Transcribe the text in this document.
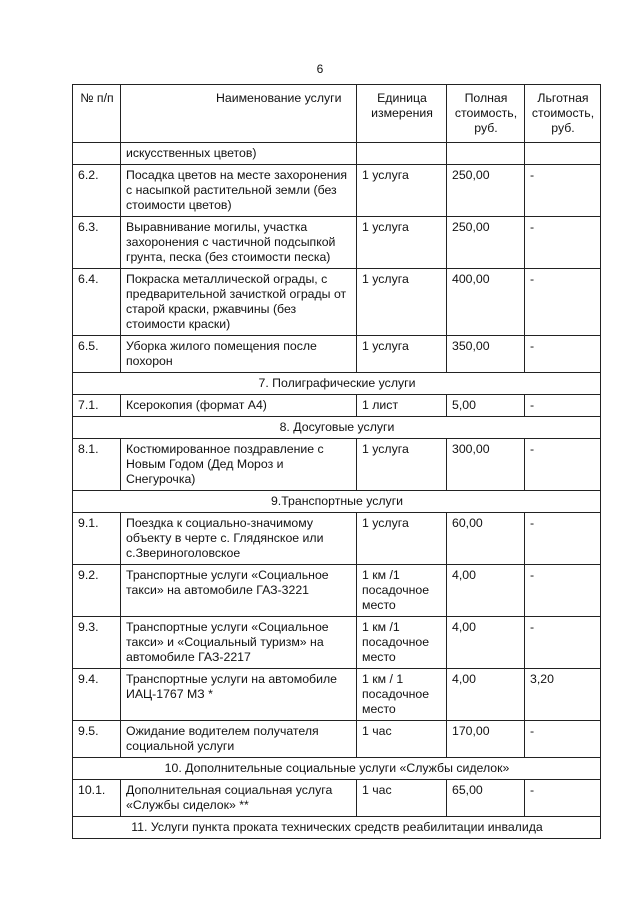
6
№ п/п	Наименование услуги	Единица измерения	Полная стоимость, руб.	Льготная стоимость, руб.
	искусственных цветов)			
6.2.	Посадка цветов на месте захоронения с насыпкой растительной земли (без стоимости цветов)	1 услуга	250,00	-
6.3.	Выравнивание могилы, участка захоронения с частичной подсыпкой грунта, песка (без стоимости песка)	1 услуга	250,00	-
6.4.	Покраска металлической ограды, с предварительной зачисткой ограды от старой краски, ржавчины (без стоимости краски)	1 услуга	400,00	-
6.5.	Уборка жилого помещения после похорон	1 услуга	350,00	-
7. Полиграфические услуги				
7.1.	Ксерокопия (формат А4)	1 лист	5,00	-
8. Досуговые услуги				
8.1.	Костюмированное поздравление с Новым Годом (Дед Мороз и Снегурочка)	1 услуга	300,00	-
9.Транспортные услуги				
9.1.	Поездка к социально-значимому объекту в черте с. Глядянское или с.Звериноголовское	1 услуга	60,00	-
9.2.	Транспортные услуги «Социальное такси» на автомобиле ГАЗ-3221	1 км /1 посадочное место	4,00	-
9.3.	Транспортные услуги «Социальное такси» и «Социальный туризм» на автомобиле ГАЗ-2217	1 км /1 посадочное место	4,00	-
9.4.	Транспортные услуги на автомобиле ИАЦ-1767 МЗ *	1 км / 1 посадочное место	4,00	3,20
9.5.	Ожидание водителем получателя социальной услуги	1 час	170,00	-
10. Дополнительные социальные услуги «Службы сиделок»				
10.1.	Дополнительная социальная услуга «Службы сиделок» **	1 час	65,00	-
11. Услуги пункта проката технических средств реабилитации инвалида				
